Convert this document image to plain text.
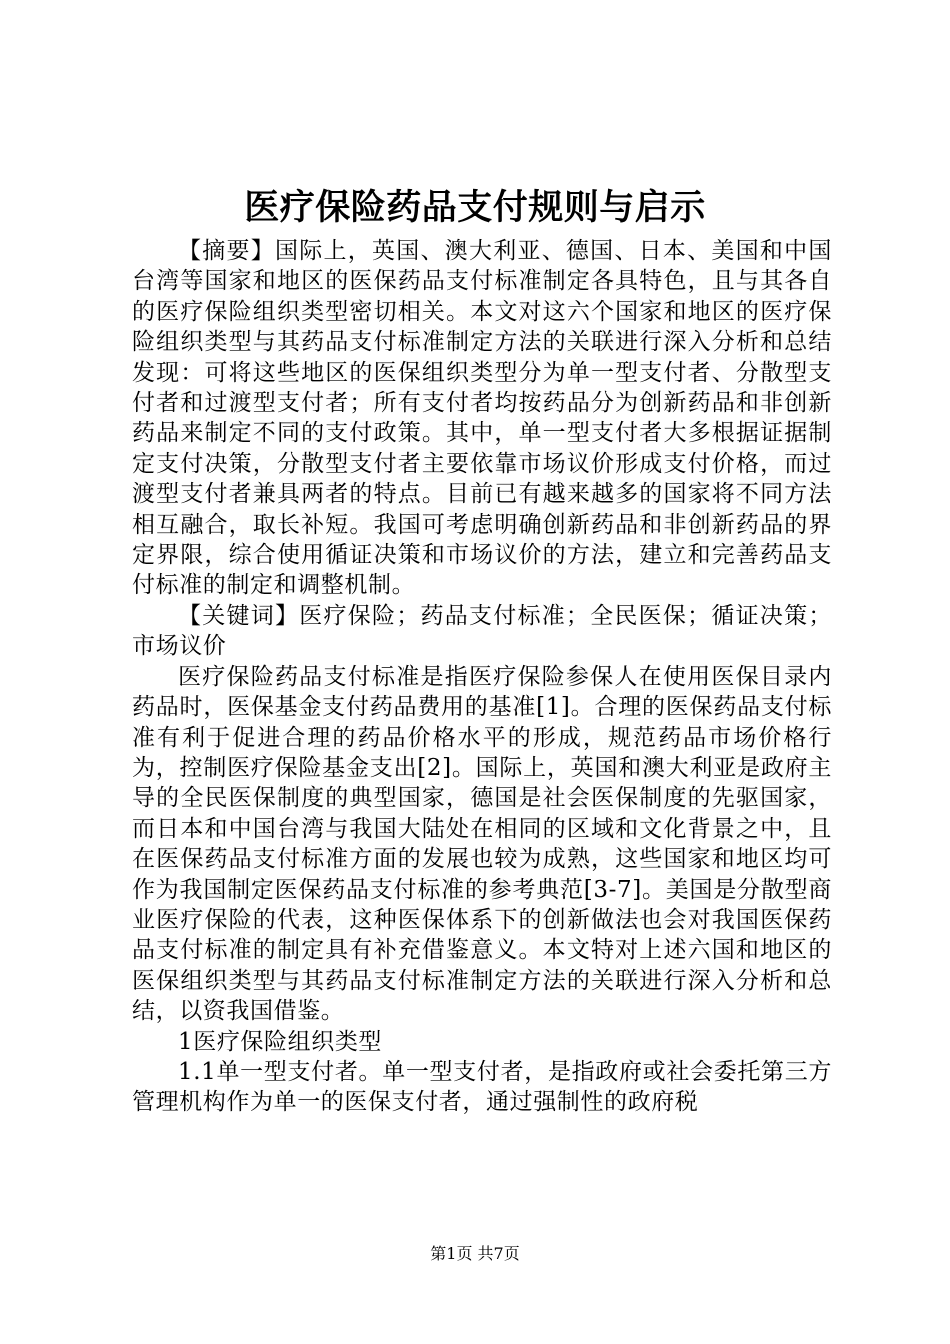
医疗保险药品支付规则与启示

【摘要】国际上，英国、澳大利亚、德国、日本、美国和中国台湾等国家和地区的医保药品支付标准制定各具特色，且与其各自的医疗保险组织类型密切相关。本文对这六个国家和地区的医疗保险组织类型与其药品支付标准制定方法的关联进行深入分析和总结发现：可将这些地区的医保组织类型分为单一型支付者、分散型支付者和过渡型支付者；所有支付者均按药品分为创新药品和非创新药品来制定不同的支付政策。其中，单一型支付者大多根据证据制定支付决策，分散型支付者主要依靠市场议价形成支付价格，而过渡型支付者兼具两者的特点。目前已有越来越多的国家将不同方法相互融合，取长补短。我国可考虑明确创新药品和非创新药品的界定界限，综合使用循证决策和市场议价的方法，建立和完善药品支付标准的制定和调整机制。

【关键词】医疗保险；药品支付标准；全民医保；循证决策；市场议价

医疗保险药品支付标准是指医疗保险参保人在使用医保目录内药品时，医保基金支付药品费用的基准[1]。合理的医保药品支付标准有利于促进合理的药品价格水平的形成，规范药品市场价格行为，控制医疗保险基金支出[2]。国际上，英国和澳大利亚是政府主导的全民医保制度的典型国家，德国是社会医保制度的先驱国家，而日本和中国台湾与我国大陆处在相同的区域和文化背景之中，且在医保药品支付标准方面的发展也较为成熟，这些国家和地区均可作为我国制定医保药品支付标准的参考典范[3-7]。美国是分散型商业医疗保险的代表，这种医保体系下的创新做法也会对我国医保药品支付标准的制定具有补充借鉴意义。本文特对上述六国和地区的医保组织类型与其药品支付标准制定方法的关联进行深入分析和总结，以资我国借鉴。

1医疗保险组织类型

1.1单一型支付者。单一型支付者，是指政府或社会委托第三方管理机构作为单一的医保支付者，通过强制性的政府税

第1页 共7页
